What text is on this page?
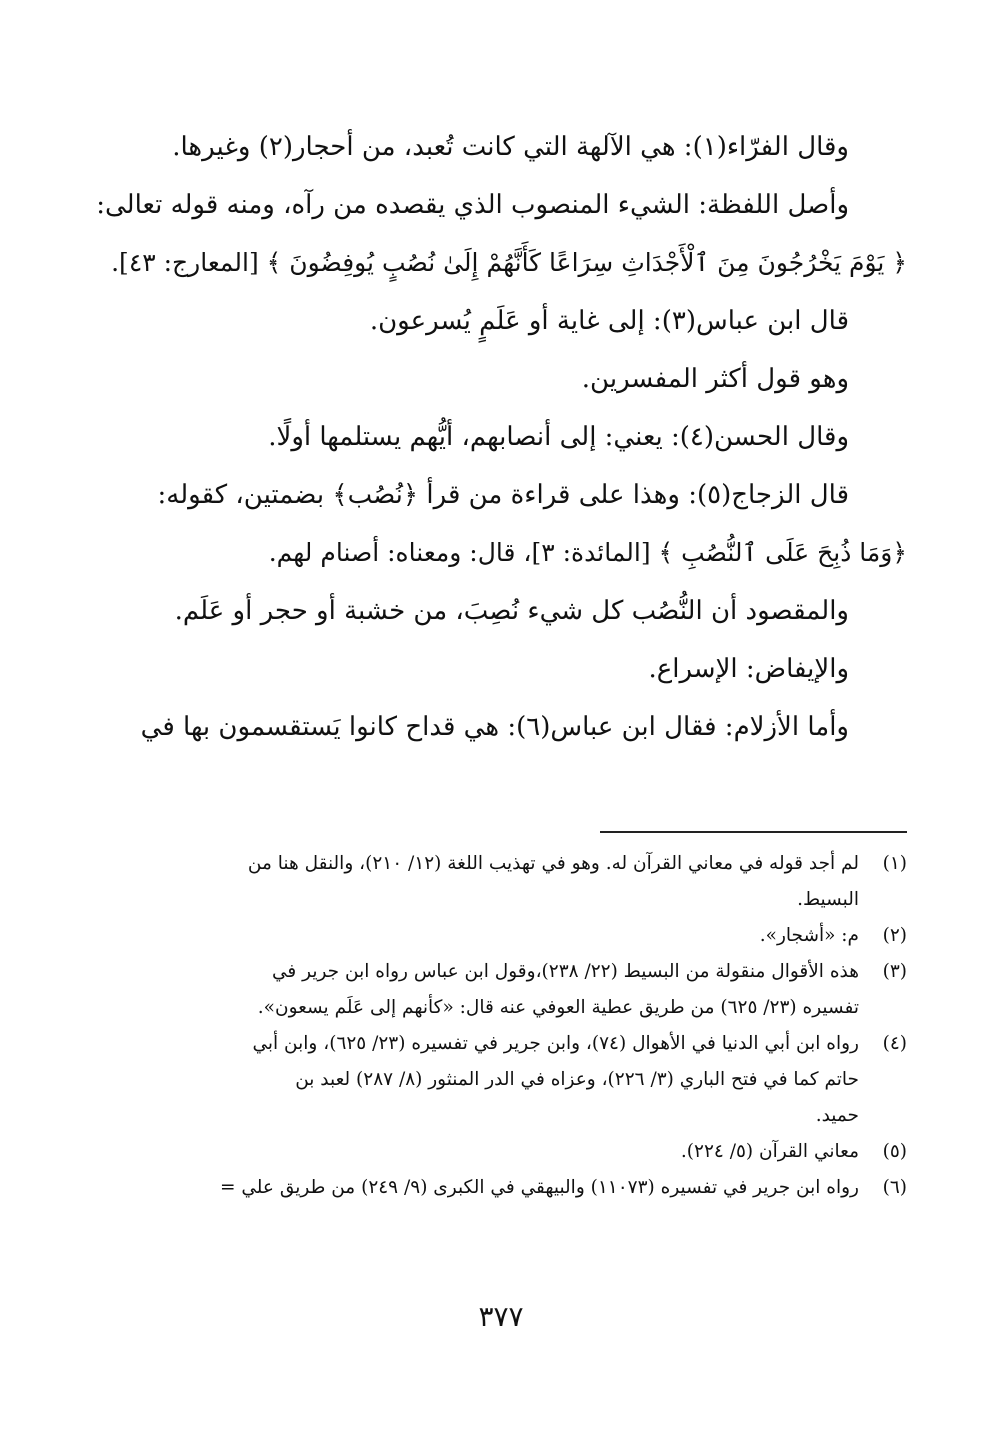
وقال الفرّاء(١): هي الآلهة التي كانت تُعبد، من أحجار(٢) وغيرها.
وأصل اللفظة: الشيء المنصوب الذي يقصده من رآه، ومنه قوله تعالى:
﴿ يَوْمَ يَخْرُجُونَ مِنَ ٱلْأَجْدَاثِ سِرَاعًا كَأَنَّهُمْ إِلَىٰ نُصُبٍ يُوفِضُونَ ﴾ [المعارج: ٤٣].
قال ابن عباس(٣): إلى غاية أو عَلَمٍ يُسرعون.
وهو قول أكثر المفسرين.
وقال الحسن(٤): يعني: إلى أنصابهم، أيُّهم يستلمها أولًا.
قال الزجاج(٥): وهذا على قراءة من قرأ ﴿نُصُب﴾ بضمتين، كقوله:
﴿وَمَا ذُبِحَ عَلَى ٱلنُّصُبِ ﴾ [المائدة: ٣]، قال: ومعناه: أصنام لهم.
والمقصود أن النُّصُب كل شيء نُصِبَ، من خشبة أو حجر أو عَلَم.
والإيفاض: الإسراع.
وأما الأزلام: فقال ابن عباس(٦): هي قداح كانوا يَستقسمون بها في
(١)
لم أجد قوله في معاني القرآن له. وهو في تهذيب اللغة (١٢/ ٢١٠)، والنقل هنا من
البسيط.
(٢)
م: «أشجار».
(٣)
هذه الأقوال منقولة من البسيط (٢٢/ ٢٣٨)،وقول ابن عباس رواه ابن جرير في
تفسيره (٢٣/ ٦٢٥) من طريق عطية العوفي عنه قال: «كأنهم إلى عَلَم يسعون».
(٤)
رواه ابن أبي الدنيا في الأهوال (٧٤)، وابن جرير في تفسيره (٢٣/ ٦٢٥)، وابن أبي
حاتم كما في فتح الباري (٣/ ٢٢٦)، وعزاه في الدر المنثور (٨/ ٢٨٧) لعبد بن
حميد.
(٥)
معاني القرآن (٥/ ٢٢٤).
(٦)
رواه ابن جرير في تفسيره (١١٠٧٣) والبيهقي في الكبرى (٩/ ٢٤٩) من طريق علي =
٣٧٧
